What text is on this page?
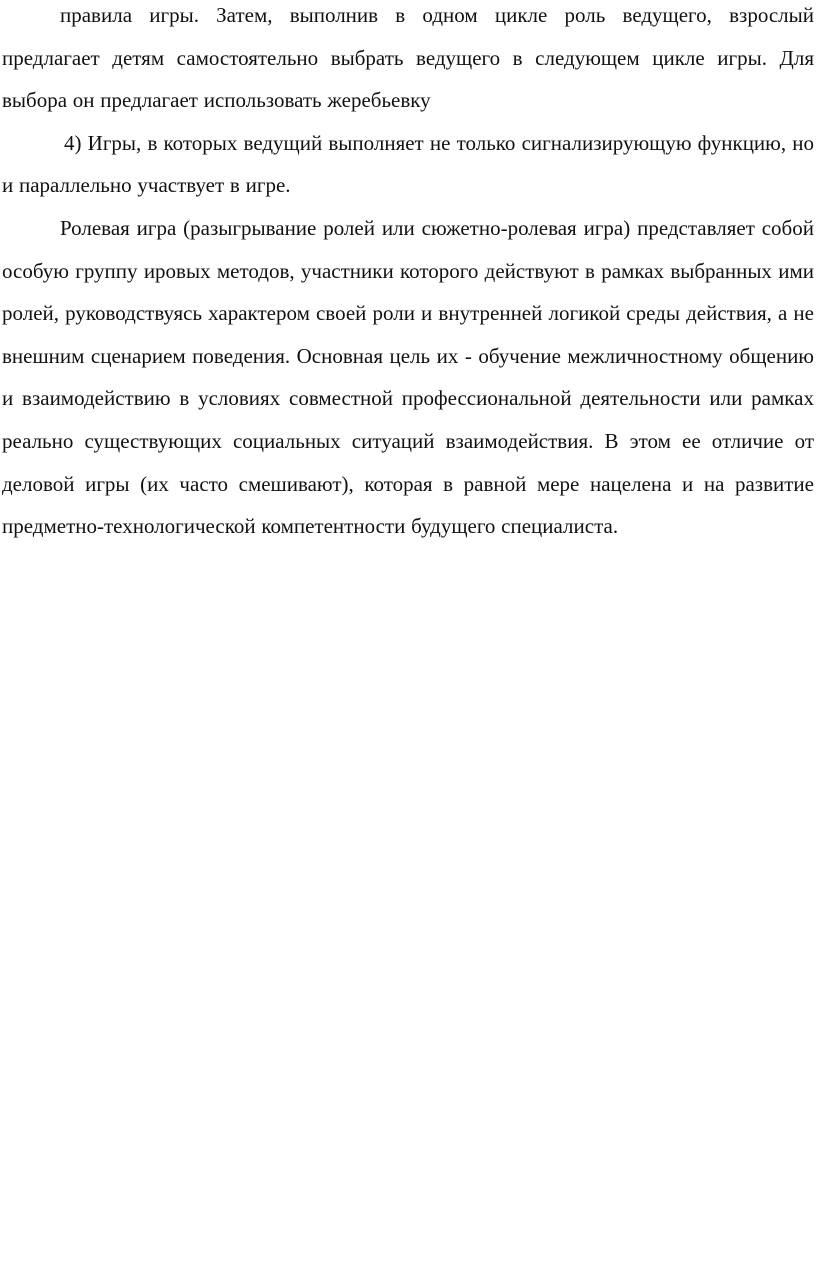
правила игры. Затем, выполнив в одном цикле роль ведущего, взрослый предлагает детям самостоятельно выбрать ведущего в следующем цикле игры. Для выбора он предлагает использовать жеребьевку

4) Игры, в которых ведущий выполняет не только сигнализирующую функцию, но и параллельно участвует в игре.

Ролевая игра (разыгрывание ролей или сюжетно-ролевая игра) представляет собой особую группу ировых методов, участники которого действуют в рамках выбранных ими ролей, руководствуясь характером своей роли и внутренней логикой среды действия, а не внешним сценарием поведения. Основная цель их - обучение межличностному общению и взаимодействию в условиях совместной профессиональной деятельности или рамках реально существующих социальных ситуаций взаимодействия. В этом ее отличие от деловой игры (их часто смешивают), которая в равной мере нацелена и на развитие предметно-технологической компетентности будущего специалиста.
